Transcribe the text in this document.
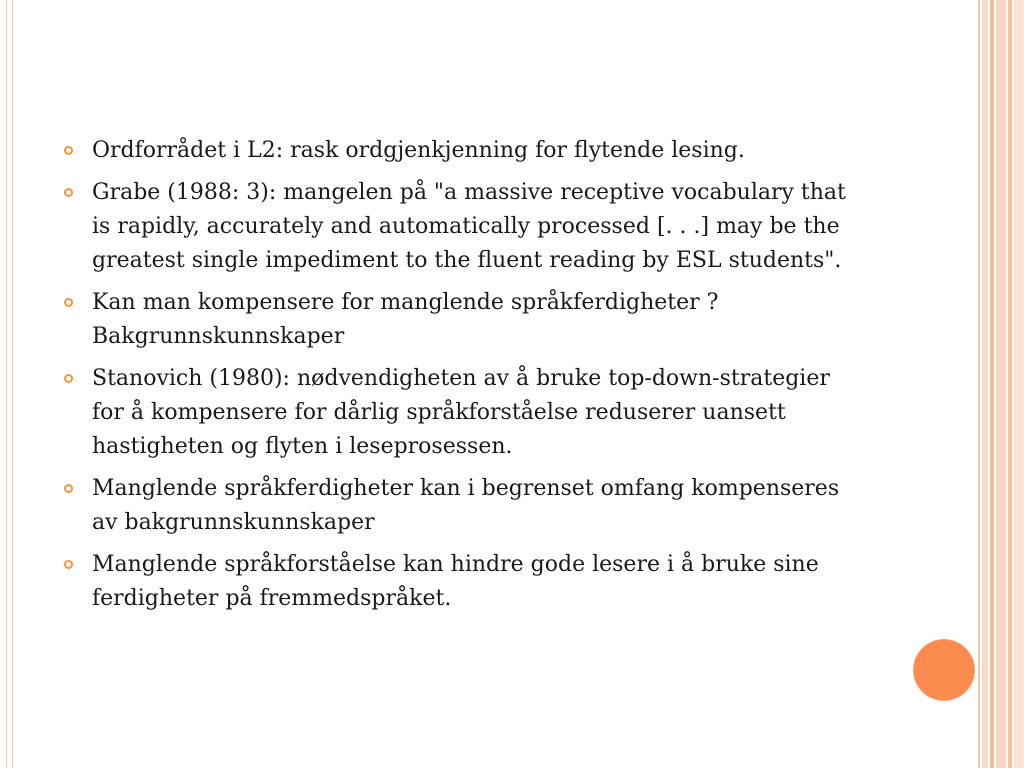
Ordforrådet i L2: rask ordgjenkjenning for flytende lesing.
Grabe (1988: 3): mangelen på "a massive receptive vocabulary that is rapidly, accurately and automatically processed [. . .] may be the greatest single impediment to the fluent reading by ESL students".
Kan man kompensere for manglende språkferdigheter ? Bakgrunnskunnskaper
Stanovich (1980): nødvendigheten av å bruke top-down-strategier for å kompensere for dårlig språkforståelse reduserer uansett hastigheten og flyten i leseprosessen.
Manglende språkferdigheter kan i begrenset omfang kompenseres av bakgrunnskunnskaper
Manglende språkforståelse kan hindre gode lesere i å bruke sine ferdigheter på fremmedspråket.
